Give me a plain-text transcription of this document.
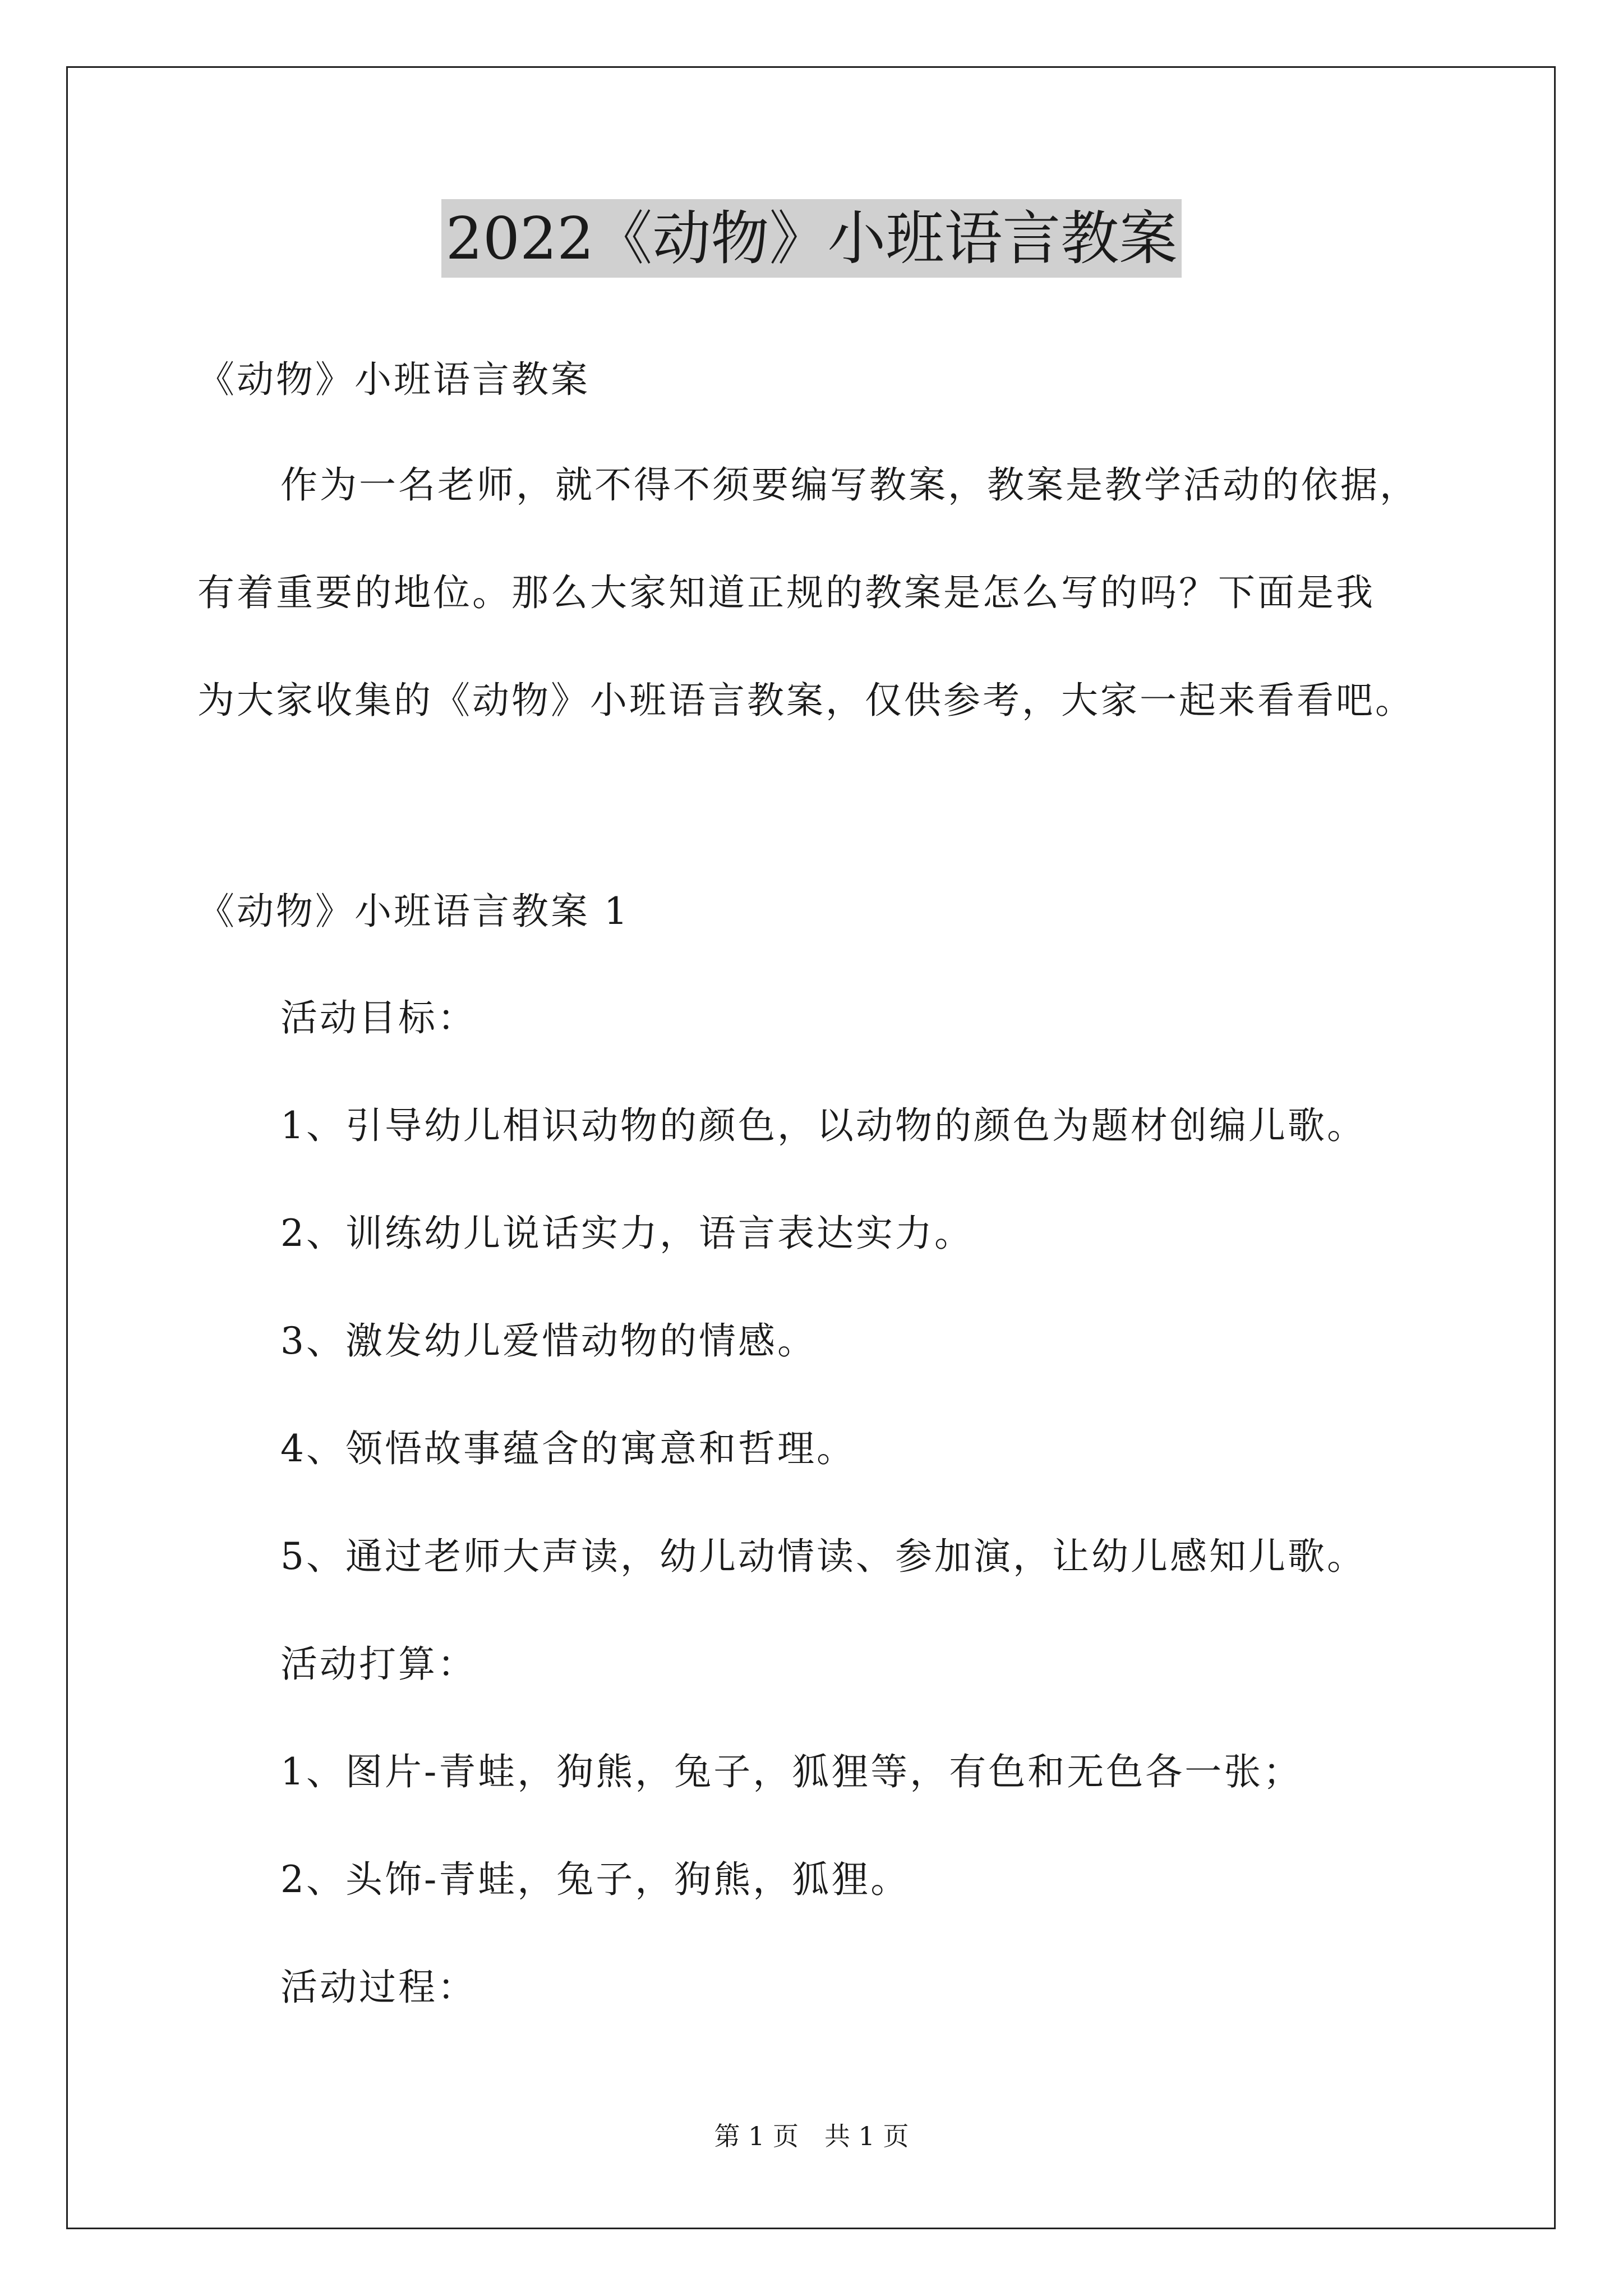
2022《动物》小班语言教案
《动物》小班语言教案
作为一名老师，就不得不须要编写教案，教案是教学活动的依据，
有着重要的地位。那么大家知道正规的教案是怎么写的吗？下面是我
为大家收集的《动物》小班语言教案，仅供参考，大家一起来看看吧。
《动物》小班语言教案 1
活动目标：
1、引导幼儿相识动物的颜色，以动物的颜色为题材创编儿歌。
2、训练幼儿说话实力，语言表达实力。
3、激发幼儿爱惜动物的情感。
4、领悟故事蕴含的寓意和哲理。
5、通过老师大声读，幼儿动情读、参加演，让幼儿感知儿歌。
活动打算：
1、图片-青蛙，狗熊，兔子，狐狸等，有色和无色各一张；
2、头饰-青蛙，兔子，狗熊，狐狸。
活动过程：
第 1 页　共 1 页
